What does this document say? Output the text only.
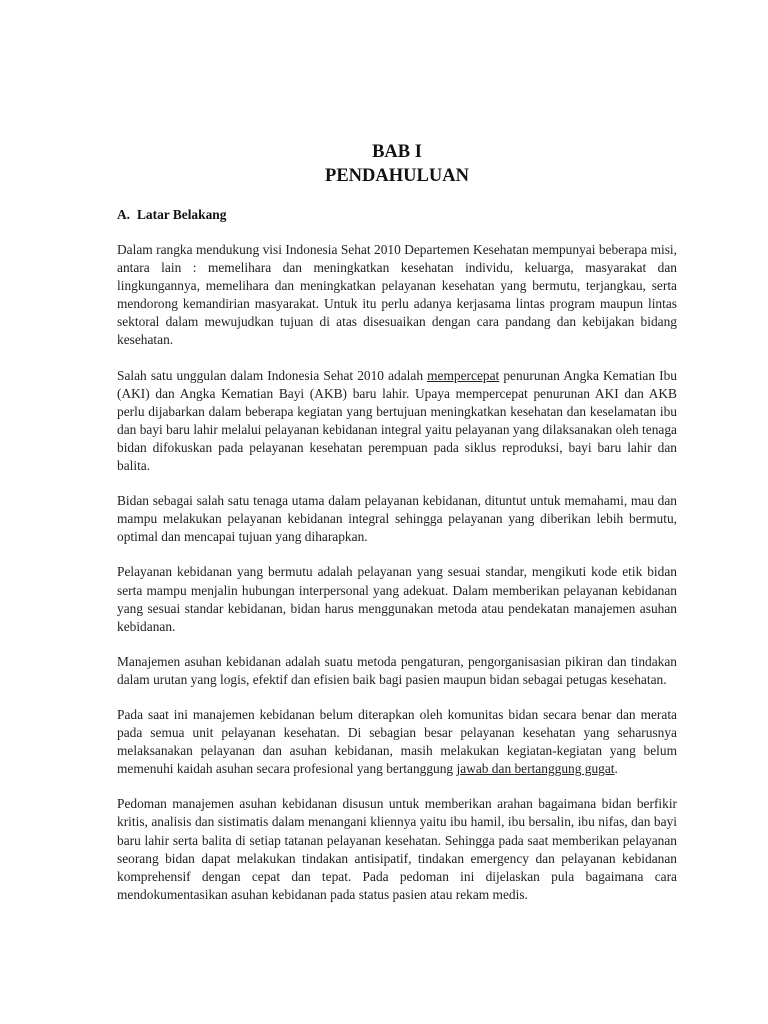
BAB I

PENDAHULUAN

A. Latar Belakang

Dalam rangka mendukung visi Indonesia Sehat 2010 Departemen Kesehatan mempunyai beberapa misi, antara lain : memelihara dan meningkatkan kesehatan individu, keluarga, masyarakat dan lingkungannya, memelihara dan meningkatkan pelayanan kesehatan yang bermutu, terjangkau, serta mendorong kemandirian masyarakat. Untuk itu perlu adanya kerjasama lintas program maupun lintas sektoral dalam mewujudkan tujuan di atas disesuaikan dengan cara pandang dan kebijakan bidang kesehatan.

Salah satu unggulan dalam Indonesia Sehat 2010 adalah mempercepat penurunan Angka Kematian Ibu (AKI) dan Angka Kematian Bayi (AKB) baru lahir. Upaya mempercepat penurunan AKI dan AKB perlu dijabarkan dalam beberapa kegiatan yang bertujuan meningkatkan kesehatan dan keselamatan ibu dan bayi baru lahir melalui pelayanan kebidanan integral yaitu pelayanan yang dilaksanakan oleh tenaga bidan difokuskan pada pelayanan kesehatan perempuan pada siklus reproduksi, bayi baru lahir dan balita.

Bidan sebagai salah satu tenaga utama dalam pelayanan kebidanan, dituntut untuk memahami, mau dan mampu melakukan pelayanan kebidanan integral sehingga pelayanan yang diberikan lebih bermutu, optimal dan mencapai tujuan yang diharapkan.

Pelayanan kebidanan yang bermutu adalah pelayanan yang sesuai standar, mengikuti kode etik bidan serta mampu menjalin hubungan interpersonal yang adekuat. Dalam memberikan pelayanan kebidanan yang sesuai standar kebidanan, bidan harus menggunakan metoda atau pendekatan manajemen asuhan kebidanan.

Manajemen asuhan kebidanan adalah suatu metoda pengaturan, pengorganisasian pikiran dan tindakan dalam urutan yang logis, efektif dan efisien baik bagi pasien maupun bidan sebagai petugas kesehatan.

Pada saat ini manajemen kebidanan belum diterapkan oleh komunitas bidan secara benar dan merata pada semua unit pelayanan kesehatan. Di sebagian besar pelayanan kesehatan yang seharusnya melaksanakan pelayanan dan asuhan kebidanan, masih melakukan kegiatan-kegiatan yang belum memenuhi kaidah asuhan secara profesional yang bertanggung jawab dan bertanggung gugat.

Pedoman manajemen asuhan kebidanan disusun untuk memberikan arahan bagaimana bidan berfikir kritis, analisis dan sistimatis dalam menangani kliennya yaitu ibu hamil, ibu bersalin, ibu nifas, dan bayi baru lahir serta balita di setiap tatanan pelayanan kesehatan. Sehingga pada saat memberikan pelayanan seorang bidan dapat melakukan tindakan antisipatif, tindakan emergency dan pelayanan kebidanan komprehensif dengan cepat dan tepat. Pada pedoman ini dijelaskan pula bagaimana cara mendokumentasikan asuhan kebidanan pada status pasien atau rekam medis.
